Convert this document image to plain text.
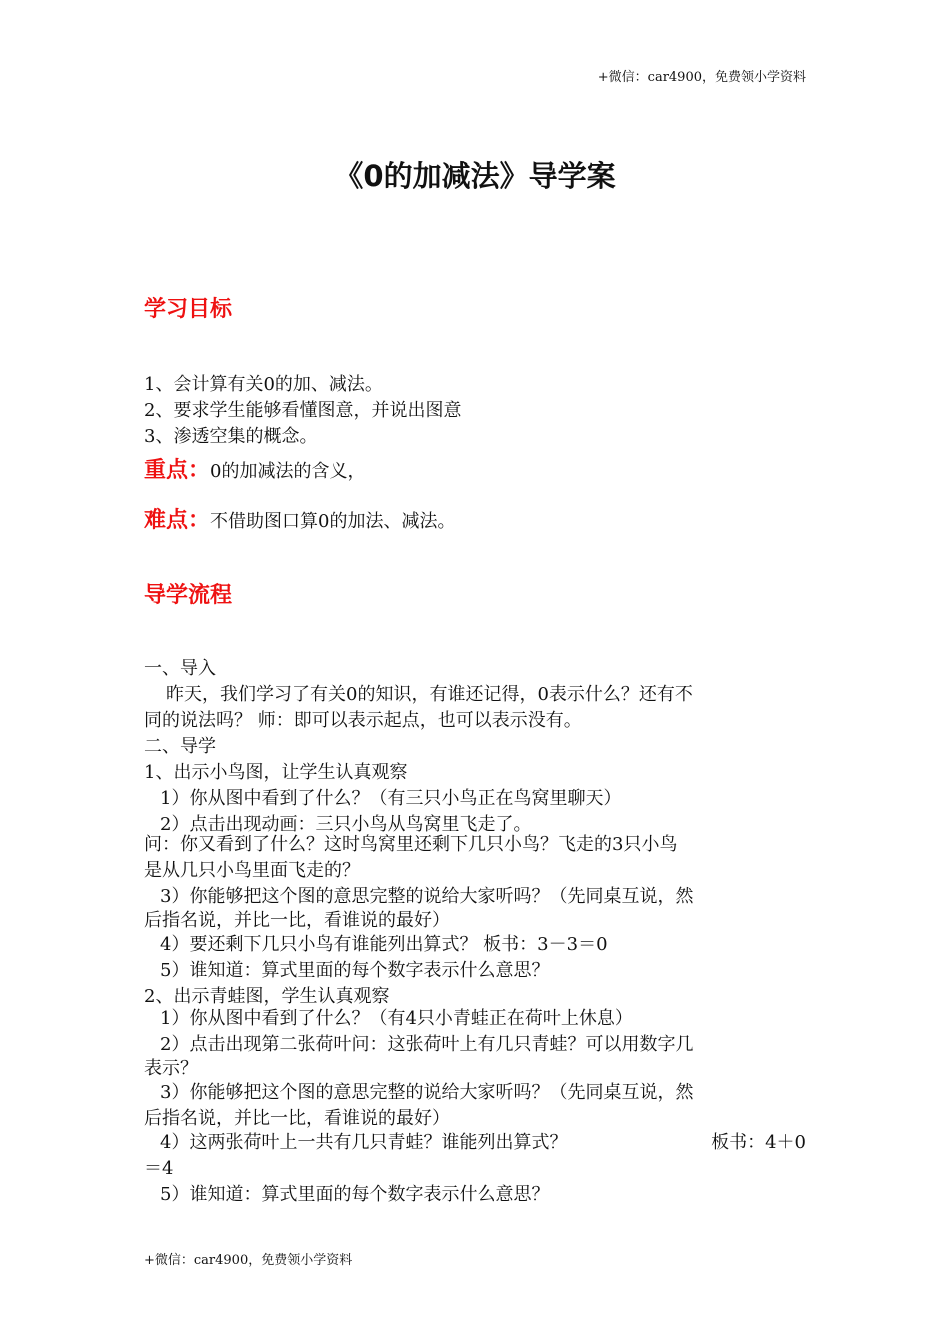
+微信：car4900，免费领小学资料
《0的加减法》导学案
学习目标
1、会计算有关0的加、减法。
2、要求学生能够看懂图意，并说出图意
3、渗透空集的概念。
重点：0的加减法的含义，
难点：不借助图口算0的加法、减法。
导学流程
一、导入
昨天，我们学习了有关0的知识，有谁还记得，0表示什么？还有不
同的说法吗？ 师：即可以表示起点，也可以表示没有。
二、导学
1、出示小鸟图，让学生认真观察
1）你从图中看到了什么？（有三只小鸟正在鸟窝里聊天）
2）点击出现动画：三只小鸟从鸟窝里飞走了。
问：你又看到了什么？这时鸟窝里还剩下几只小鸟？飞走的3只小鸟
是从几只小鸟里面飞走的？
3）你能够把这个图的意思完整的说给大家听吗？（先同桌互说，然
后指名说，并比一比，看谁说的最好）
4）要还剩下几只小鸟有谁能列出算式？ 板书：3－3＝0
5）谁知道：算式里面的每个数字表示什么意思？
2、出示青蛙图，学生认真观察
1）你从图中看到了什么？（有4只小青蛙正在荷叶上休息）
2）点击出现第二张荷叶问：这张荷叶上有几只青蛙？可以用数字几
表示？
3）你能够把这个图的意思完整的说给大家听吗？（先同桌互说，然
后指名说，并比一比，看谁说的最好）
4）这两张荷叶上一共有几只青蛙？谁能列出算式？	板书：4＋0
＝4
5）谁知道：算式里面的每个数字表示什么意思？
+微信：car4900，免费领小学资料
